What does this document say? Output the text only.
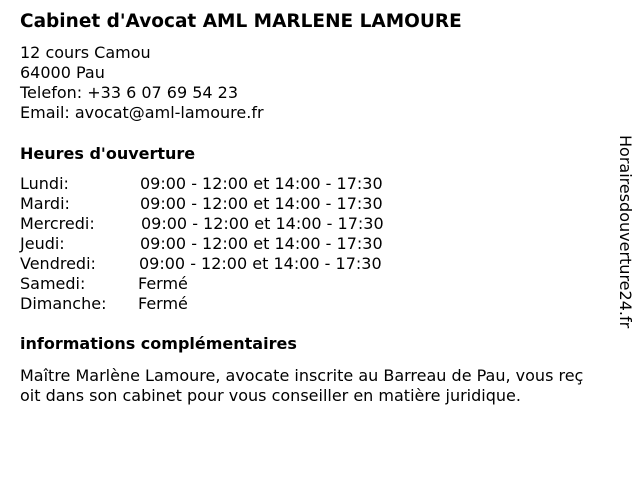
Cabinet d'Avocat AML MARLENE LAMOURE
12 cours Camou
64000 Pau
Telefon: +33 6 07 69 54 23
Email: avocat@aml-lamoure.fr
Heures d'ouverture
Lundi:	09:00 - 12:00 et 14:00 - 17:30
Mardi:	09:00 - 12:00 et 14:00 - 17:30
Mercredi:	09:00 - 12:00 et 14:00 - 17:30
Jeudi:	09:00 - 12:00 et 14:00 - 17:30
Vendredi:	09:00 - 12:00 et 14:00 - 17:30
Samedi:	Fermé
Dimanche: Fermé
informations complémentaires
Maître Marlène Lamoure, avocate inscrite au Barreau de Pau, vous reç
oit dans son cabinet pour vous conseiller en matière juridique.
Horairesdouverture24.fr
